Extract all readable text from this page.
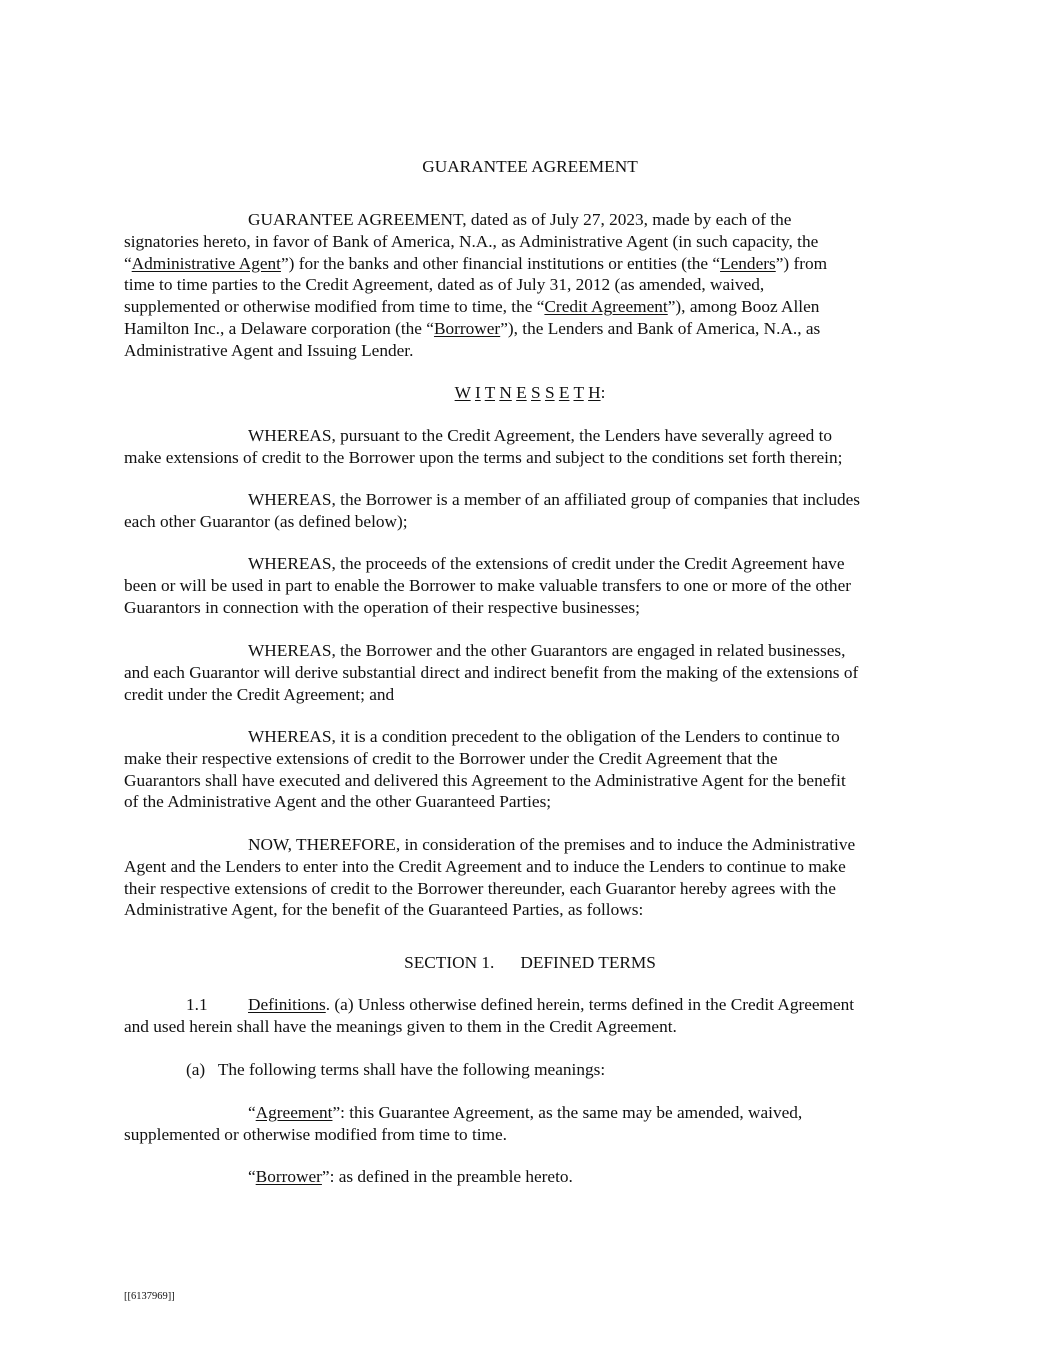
GUARANTEE AGREEMENT

GUARANTEE AGREEMENT, dated as of July 27, 2023, made by each of the
signatories hereto, in favor of Bank of America, N.A., as Administrative Agent (in such capacity, the
“Administrative Agent”) for the banks and other financial institutions or entities (the “Lenders”) from
time to time parties to the Credit Agreement, dated as of July 31, 2012 (as amended, waived,
supplemented or otherwise modified from time to time, the “Credit Agreement”), among Booz Allen
Hamilton Inc., a Delaware corporation (the “Borrower”), the Lenders and Bank of America, N.A., as
Administrative Agent and Issuing Lender.

W I T N E S S E T H:

WHEREAS, pursuant to the Credit Agreement, the Lenders have severally agreed to
make extensions of credit to the Borrower upon the terms and subject to the conditions set forth therein;
WHEREAS, the Borrower is a member of an affiliated group of companies that includes
each other Guarantor (as defined below);
WHEREAS, the proceeds of the extensions of credit under the Credit Agreement have
been or will be used in part to enable the Borrower to make valuable transfers to one or more of the other
Guarantors in connection with the operation of their respective businesses;
WHEREAS, the Borrower and the other Guarantors are engaged in related businesses,
and each Guarantor will derive substantial direct and indirect benefit from the making of the extensions of
credit under the Credit Agreement; and
WHEREAS, it is a condition precedent to the obligation of the Lenders to continue to
make their respective extensions of credit to the Borrower under the Credit Agreement that the
Guarantors shall have executed and delivered this Agreement to the Administrative Agent for the benefit
of the Administrative Agent and the other Guaranteed Parties;
NOW, THEREFORE, in consideration of the premises and to induce the Administrative
Agent and the Lenders to enter into the Credit Agreement and to induce the Lenders to continue to make
their respective extensions of credit to the Borrower thereunder, each Guarantor hereby agrees with the
Administrative Agent, for the benefit of the Guaranteed Parties, as follows:

SECTION 1. DEFINED TERMS

1.1 Definitions. (a) Unless otherwise defined herein, terms defined in the Credit Agreement
and used herein shall have the meanings given to them in the Credit Agreement.

(a)   The following terms shall have the following meanings:

“Agreement”: this Guarantee Agreement, as the same may be amended, waived,
supplemented or otherwise modified from time to time.
“Borrower”: as defined in the preamble hereto.
[[6137969]]
